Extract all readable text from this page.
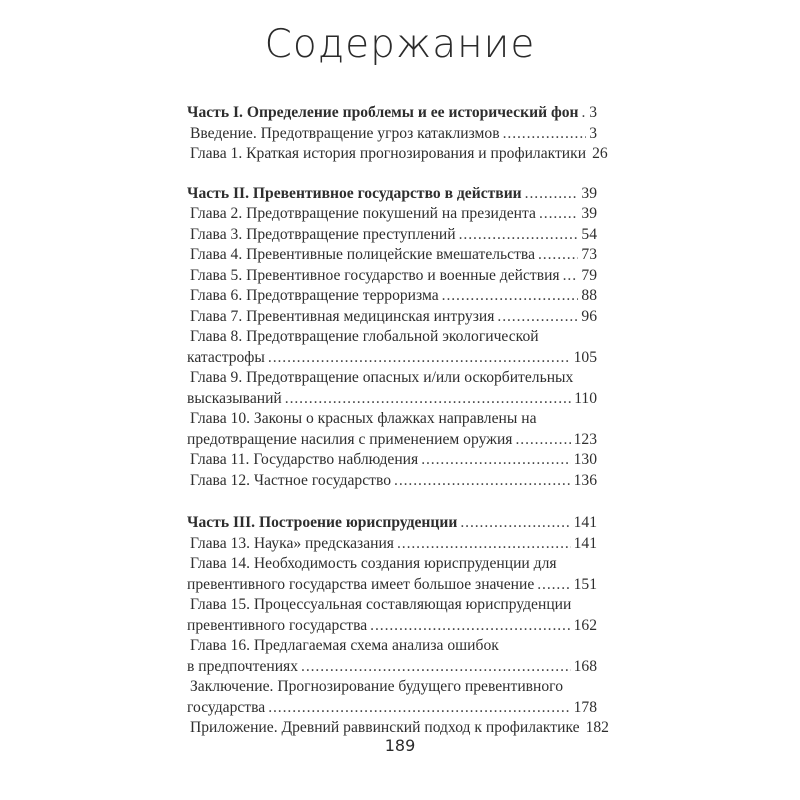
Содержание
Часть I. Определение проблемы и ее исторический фон . . . 3
Введение. Предотвращение угроз катаклизмов . . .	3
Глава 1. Краткая история прогнозирования и профилактики 26
Часть II. Превентивное государство в действии . . .	39
Глава 2. Предотвращение покушений на президента . . .	39
Глава 3. Предотвращение преступлений . . .	54
Глава 4. Превентивные полицейские вмешательства . . .	73
Глава 5. Превентивное государство и военные действия . . . 79
Глава 6. Предотвращение терроризма . . .	88
Глава 7. Превентивная медицинская интрузия . . .	96
Глава 8. Предотвращение глобальной экологической
катастрофы . . .	105
Глава 9. Предотвращение опасных и/или оскорбительных
высказываний . . .	110
Глава 10. Законы о красных флажках направлены на
предотвращение насилия с применением оружия . . .	123
Глава 11. Государство наблюдения . . .	130
Глава 12. Частное государство . . .	136
Часть III. Построение юриспруденции . . .	141
Глава 13. Наука» предсказания . . .	141
Глава 14. Необходимость создания юриспруденции для
превентивного государства имеет большое значение . . .	151
Глава 15. Процессуальная составляющая юриспруденции
превентивного государства . . .	162
Глава 16. Предлагаемая схема анализа ошибок
в предпочтениях . . .	168
Заключение. Прогнозирование будущего превентивного
государства . . .	178
Приложение. Древний раввинский подход к профилактике 182
189
